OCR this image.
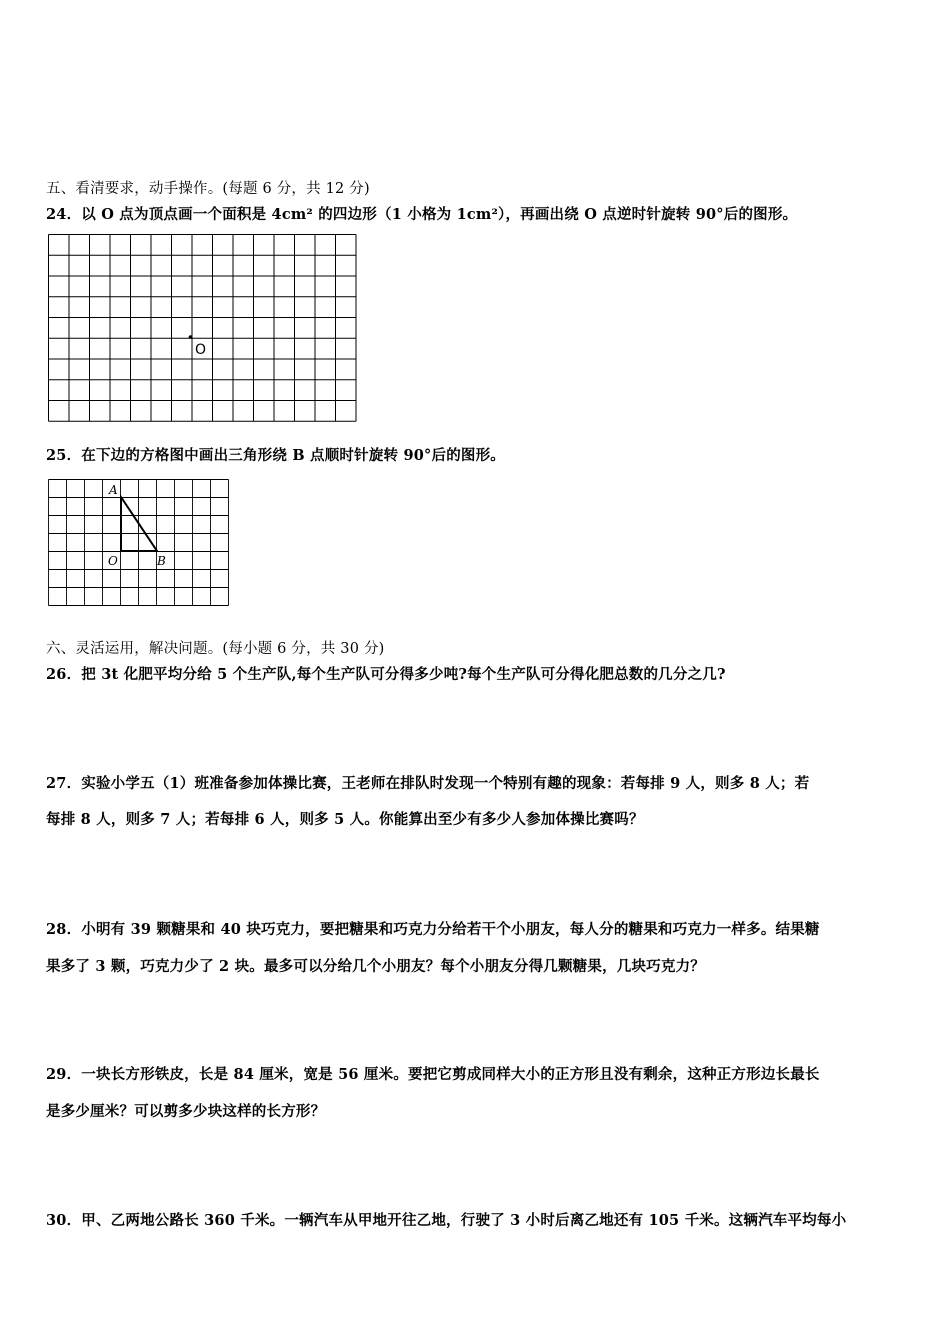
五、看清要求，动手操作。(每题 6 分，共 12 分)
24．以 O 点为顶点画一个面积是 4cm² 的四边形（1 小格为 1cm²），再画出绕 O 点逆时针旋转 90°后的图形。
O
25．在下边的方格图中画出三角形绕 B 点顺时针旋转 90°后的图形。
A
O	B
六、灵活运用，解决问题。(每小题 6 分，共 30 分)
26．把 3t 化肥平均分给 5 个生产队,每个生产队可分得多少吨?每个生产队可分得化肥总数的几分之几?
27．实验小学五（1）班准备参加体操比赛，王老师在排队时发现一个特别有趣的现象：若每排 9 人，则多 8 人；若
每排 8 人，则多 7 人；若每排 6 人，则多 5 人。你能算出至少有多少人参加体操比赛吗？
28．小明有 39 颗糖果和 40 块巧克力，要把糖果和巧克力分给若干个小朋友，每人分的糖果和巧克力一样多。结果糖
果多了 3 颗，巧克力少了 2 块。最多可以分给几个小朋友？每个小朋友分得几颗糖果，几块巧克力？
29．一块长方形铁皮，长是 84 厘米，宽是 56 厘米。要把它剪成同样大小的正方形且没有剩余，这种正方形边长最长
是多少厘米？可以剪多少块这样的长方形？
30．甲、乙两地公路长 360 千米。一辆汽车从甲地开往乙地，行驶了 3 小时后离乙地还有 105 千米。这辆汽车平均每小
